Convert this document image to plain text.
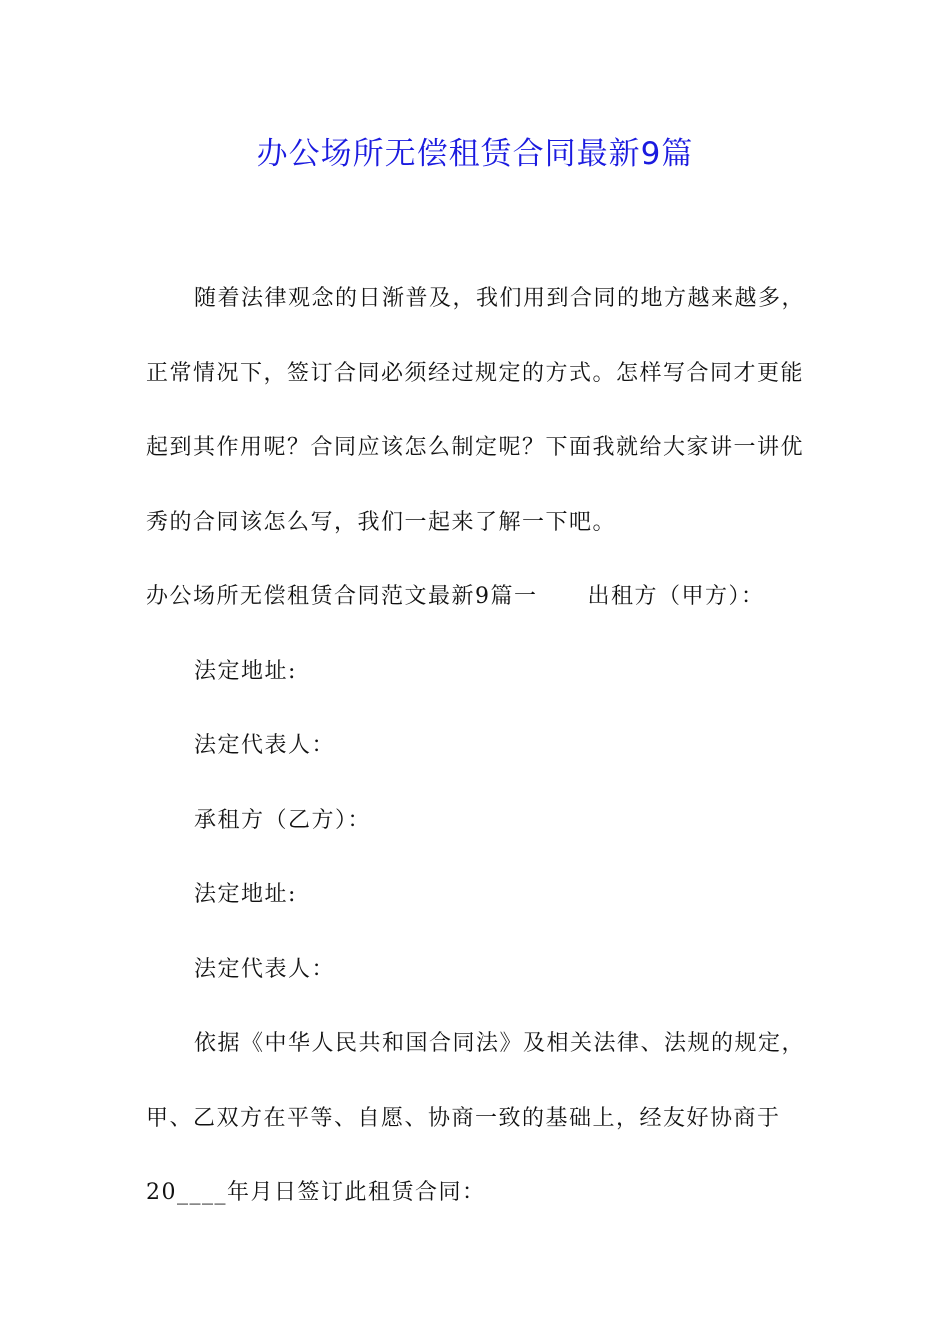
办公场所无偿租赁合同最新9篇

随着法律观念的日渐普及，我们用到合同的地方越来越多，正常情况下，签订合同必须经过规定的方式。怎样写合同才更能起到其作用呢？合同应该怎么制定呢？下面我就给大家讲一讲优秀的合同该怎么写，我们一起来了解一下吧。

办公场所无偿租赁合同范文最新9篇一 出租方（甲方）：

法定地址:

法定代表人：

承租方（乙方）：

法定地址:

法定代表人：

依据《中华人民共和国合同法》及相关法律、法规的规定，甲、乙双方在平等、自愿、协商一致的基础上，经友好协商于20____年月日签订此租赁合同：
